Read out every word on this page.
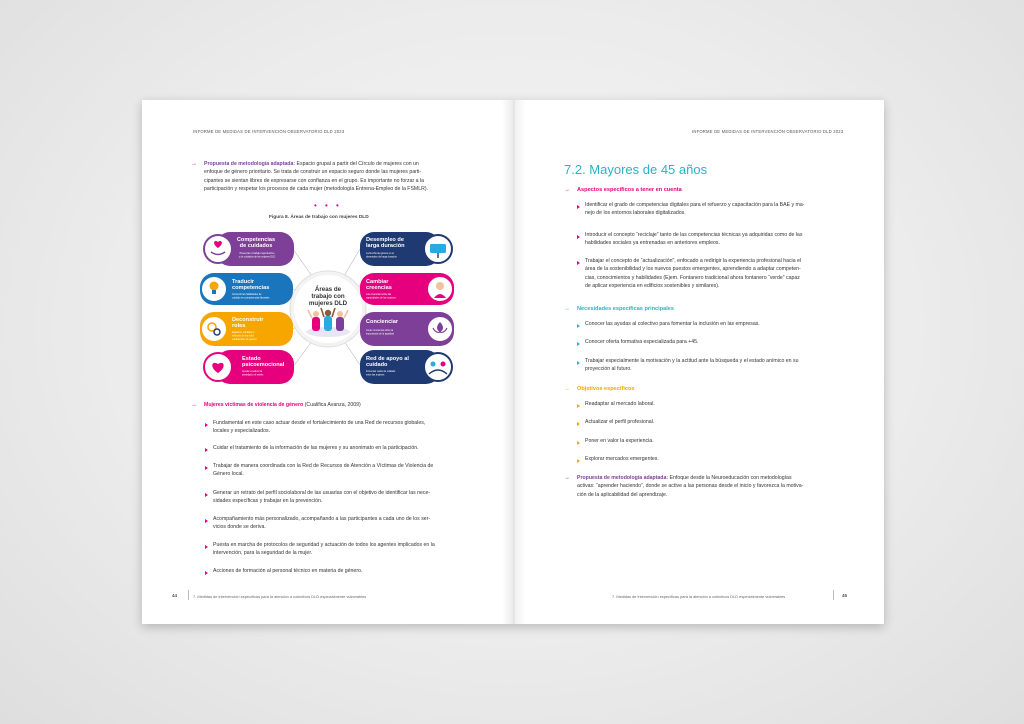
INFORME DE MEDIDAS DE INTERVENCIÓN OBSERVATORIO DLD 2023
→ Propuesta de metodología adaptada: Espacio grupal a partir del Círculo de mujeres con un
enfoque de género prioritario. Se trata de construir un espacio seguro donde las mujeres parti-
cipantes se sientan libres de expresarse con confianza en el grupo. Es importante no forzar a la
participación y respetar los procesos de cada mujer (metodología Entrena-Empleo de la FSMLR).
• • •
Figura 8. Áreas de trabajo con mujeres DLD
Áreas de
trabajo con
mujeres DLD
Competencias
de cuidados
Preservar el trabajo reproductivo
y de cuidados de las mujeres DLD
Traducir
competencias
Convertir las habilidades de
cuidado en competencias laborales
Deconstruir
roles
Espacios, cuidados y
reflexión de los roles
establecidos de género
Estado
psicoemocional
Ayudar a reducir la
ansiedad y el estrés
Desempleo de
larga duración
La brecha de género en el
desempleo de larga duración
Cambiar
creencias
Las creencias sobre las
capacidades de las mujeres
Concienciar
Crear conciencia sobre la
importancia de la igualdad
Red de apoyo al
cuidado
Fomentar redes de cuidado
entre las mujeres
→ Mujeres víctimas de violencia de género (Cualifica Avanza, 2009)
Fundamental en este caso actuar desde el fortalecimiento de una Red de recursos globales,
locales y especializados.
Cuidar el tratamiento de la información de las mujeres y su anonimato en la participación.
Trabajar de manera coordinada con la Red de Recursos de Atención a Víctimas de Violencia de
Género local.
Generar un retrato del perfil sociolaboral de las usuarias con el objetivo de identificar las nece-
sidades específicas y trabajar en la prevención.
Acompañamiento más personalizado, acompañando a las participantes a cada uno de los ser-
vicios donde se deriva.
Puesta en marcha de protocolos de seguridad y actuación de todos los agentes implicados en la
intervención, para la seguridad de la mujer.
Acciones de formación al personal técnico en materia de género.
44	7. Medidas de intervención específicas para la atención a colectivos DLD especialmente vulnerables
INFORME DE MEDIDAS DE INTERVENCIÓN OBSERVATORIO DLD 2023
7.2. Mayores de 45 años
→ Aspectos específicos a tener en cuenta
Identificar el grado de competencias digitales para el refuerzo y capacitación para la BAE y ma-
nejo de los entornos laborales digitalizados.
Introducir el concepto “reciclaje” tanto de las competencias técnicas ya adquiridas como de las
habilidades sociales ya entrenadas en anteriores empleos.
Trabajar el concepto de “actualización”, enfocado a redirigir la experiencia profesional hacia el
área de la sostenibilidad y los nuevos puestos emergentes, aprendiendo a adaptar competen-
cias, conocimientos y habilidades (Ejem. Fontanero tradicional ahora fontanero “verde” capaz
de aplicar experiencia en edificios sostenibles y similares).
→ Necesidades específicas principales
Conocer las ayudas al colectivo para fomentar la inclusión en las empresas.
Conocer oferta formativa especializada para +45.
Trabajar especialmente la motivación y la actitud ante la búsqueda y el estado anímico en su
proyección al futuro.
→ Objetivos específicos
Readaptar al mercado laboral.
Actualizar el perfil profesional.
Poner en valor la experiencia.
Explorar mercados emergentes.
→ Propuesta de metodología adaptada: Enfoque desde la Neuroeducación con metodologías
activas: “aprender haciendo”, donde se active a las personas desde el inicio y favorezca la motiva-
ción de la aplicabilidad del aprendizaje.
7. Medidas de intervención específicas para la atención a colectivos DLD especialmente vulnerables	45
